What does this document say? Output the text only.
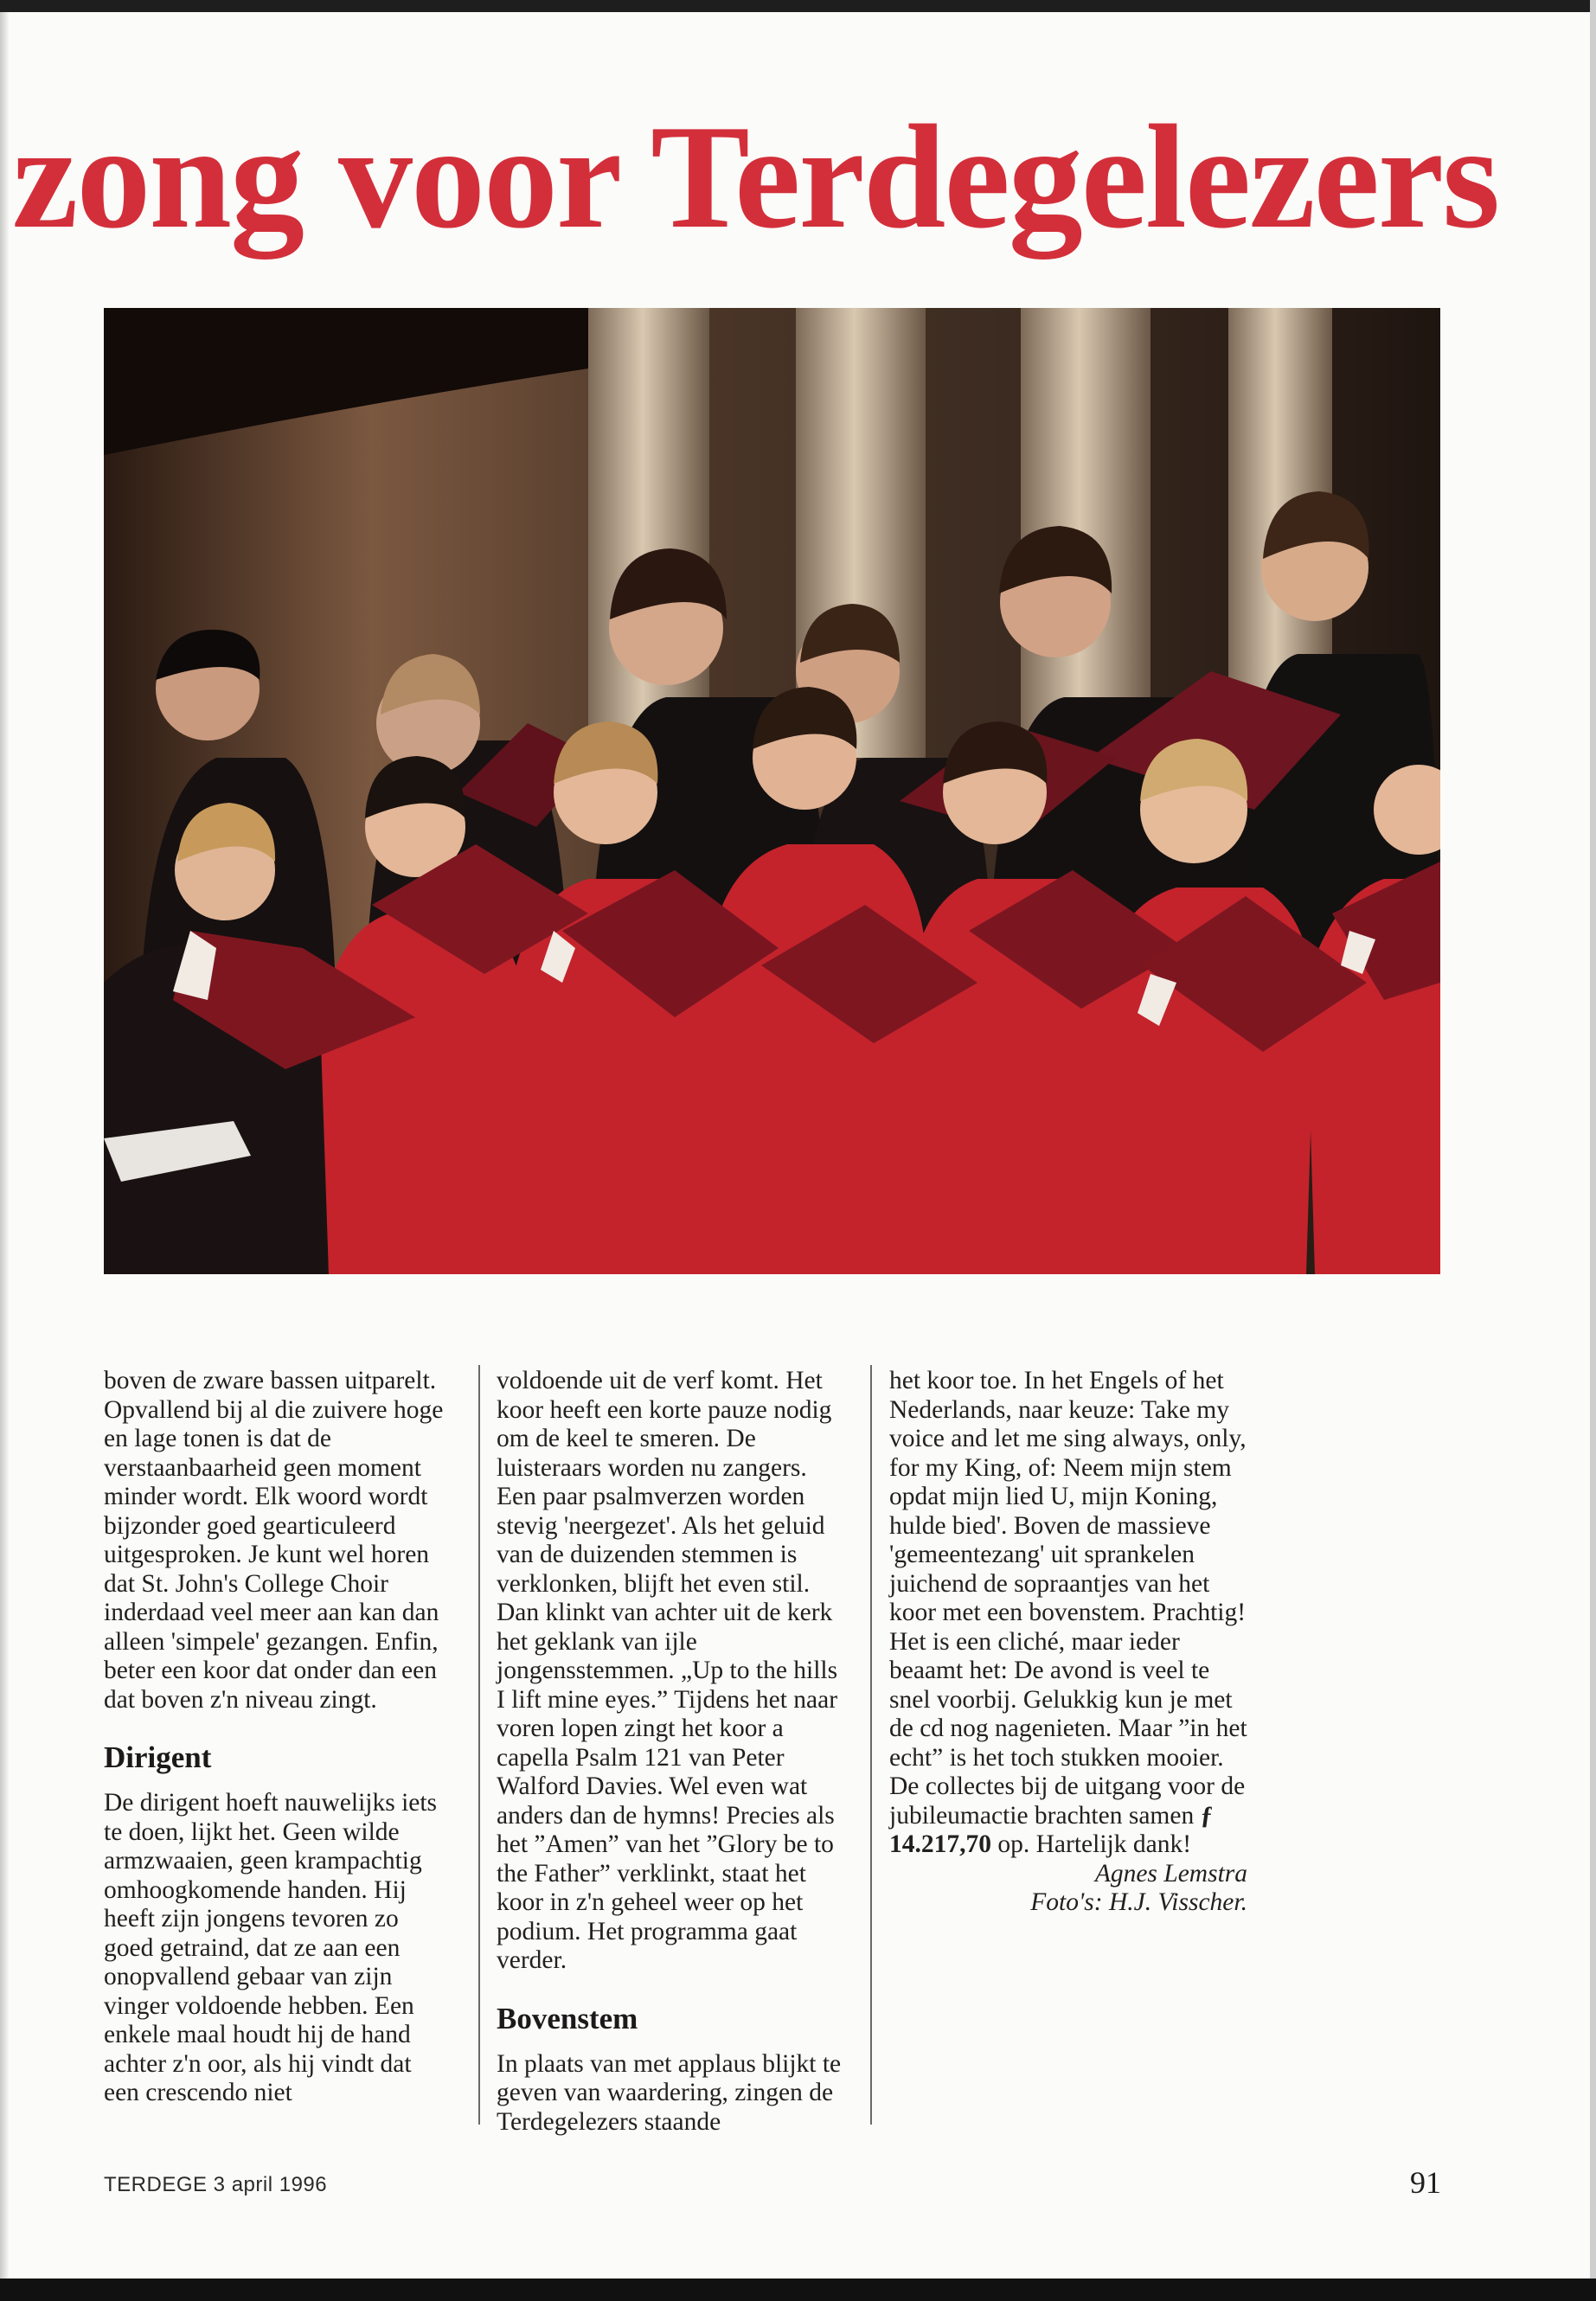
zong voor Terdegelezers

boven de zware bassen uitparelt. Opvallend bij al die zuivere hoge en lage tonen is dat de verstaanbaarheid geen moment minder wordt. Elk woord wordt bijzonder goed gearticuleerd uitgesproken. Je kunt wel horen dat St. John's College Choir inderdaad veel meer aan kan dan alleen 'simpele' gezangen. Enfin, beter een koor dat onder dan een dat boven z'n niveau zingt.

Dirigent

De dirigent hoeft nauwelijks iets te doen, lijkt het. Geen wilde armzwaaien, geen krampachtig omhoogkomende handen. Hij heeft zijn jongens tevoren zo goed getraind, dat ze aan een onopvallend gebaar van zijn vinger voldoende hebben. Een enkele maal houdt hij de hand achter z'n oor, als hij vindt dat een crescendo niet

voldoende uit de verf komt. Het koor heeft een korte pauze nodig om de keel te smeren. De luisteraars worden nu zangers. Een paar psalmverzen worden stevig 'neergezet'. Als het geluid van de duizenden stemmen is verklonken, blijft het even stil. Dan klinkt van achter uit de kerk het geklank van ijle jongensstemmen. „Up to the hills I lift mine eyes.” Tijdens het naar voren lopen zingt het koor a capella Psalm 121 van Peter Walford Davies. Wel even wat anders dan de hymns! Precies als het ”Amen” van het ”Glory be to the Father” verklinkt, staat het koor in z'n geheel weer op het podium. Het programma gaat verder.

Bovenstem

In plaats van met applaus blijkt te geven van waardering, zingen de Terdegelezers staande

het koor toe. In het Engels of het Nederlands, naar keuze: Take my voice and let me sing always, only, for my King, of: Neem mijn stem opdat mijn lied U, mijn Koning, hulde bied'. Boven de massieve 'gemeentezang' uit sprankelen juichend de sopraantjes van het koor met een bovenstem. Prachtig!

Het is een cliché, maar ieder beaamt het: De avond is veel te snel voorbij. Gelukkig kun je met de cd nog nagenieten. Maar ”in het echt” is het toch stukken mooier.

De collectes bij de uitgang voor de jubileumactie brachten samen ƒ 14.217,70 op. Hartelijk dank!

Agnes Lemstra

Foto's: H.J. Visscher.

TERDEGE 3 april 1996	91
